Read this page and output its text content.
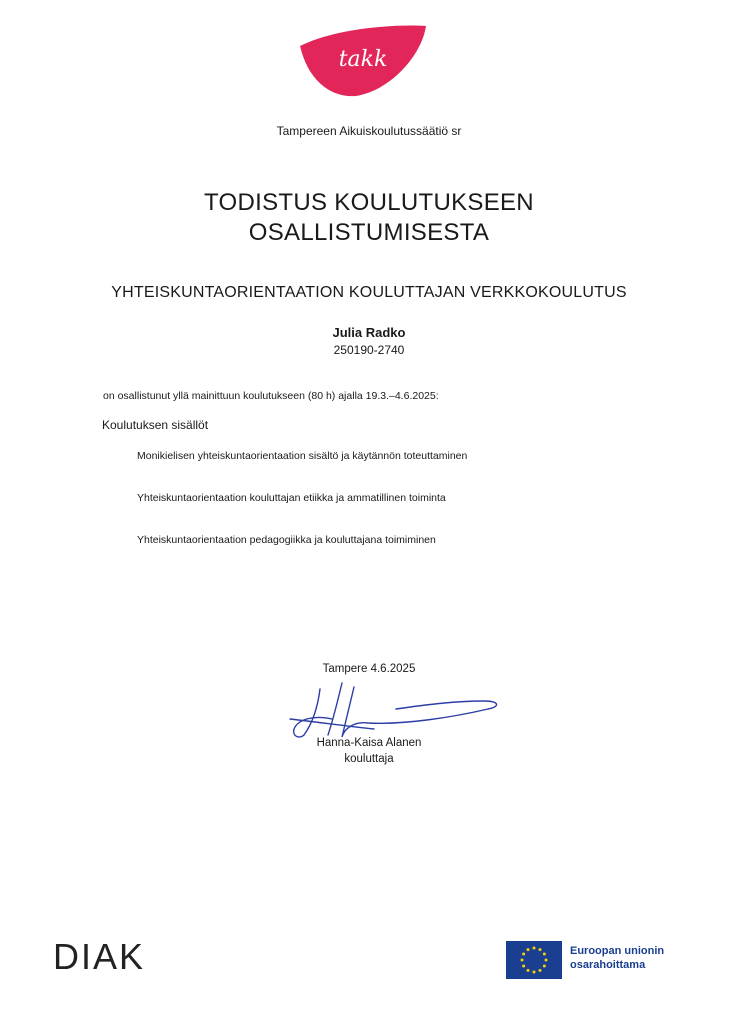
takk
Tampereen Aikuiskoulutussäätiö sr
TODISTUS KOULUTUKSEEN
OSALLISTUMISESTA
YHTEISKUNTAORIENTAATION KOULUTTAJAN VERKKOKOULUTUS
Julia Radko
250190-2740
on osallistunut yllä mainittuun koulutukseen (80 h) ajalla 19.3.–4.6.2025:
Koulutuksen sisällöt
Monikielisen yhteiskuntaorientaation sisältö ja käytännön toteuttaminen
Yhteiskuntaorientaation kouluttajan etiikka ja ammatillinen toiminta
Yhteiskuntaorientaation pedagogiikka ja kouluttajana toimiminen
Tampere 4.6.2025
Hanna-Kaisa Alanen
kouluttaja
DIAK	Euroopan unionin
osarahoittama
